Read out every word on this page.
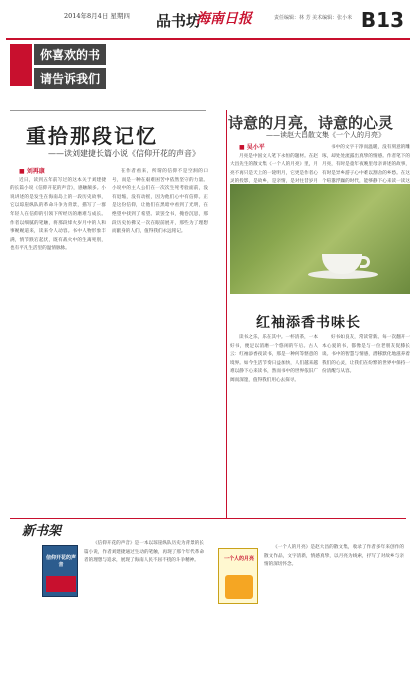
2014年8月4日 星期四 品书坊
海南日报	责任编辑：林 芳 美术编辑：张小米 B13
你喜欢的书
请告诉我们
重拾那段记忆
——读刘建捷长篇小说《信仰开花的声音》

■ 刘再康

近日，读到五年前写过的这本关于刘建捷的长篇小说《信仰开花的声音》，感触颇多。小说讲述的是发生在海南岛上的一段历史故事，它以琼崖纵队的革命斗争为背景，描写了一群年轻人在信仰的引领下所经历的磨难与成长。作者以细腻的笔触，将那段烽火岁月中的人和事娓娓道来，读来令人动容。书中人物形象丰满，情节跌宕起伏，既有战火中的生离死别，也有平凡生活里的温情脉脉。

在作者看来，所谓的信仰不是空洞的口号，而是一种在艰难困苦中依然坚守的力量。小说中的主人公们在一次次生死考验面前，没有退缩，没有动摇，因为他们心中有信仰。正是这份信仰，让他们在黑暗中看到了光明，在绝望中找到了希望。读罢全书，掩卷沉思，那段历史仿佛又一次在眼前展开，那些为了理想而献身的人们，值得我们永远铭记。

诗意的月亮，诗意的心灵
——读赵大昌散文集《一个人的月亮》

■ 吴小平

月亮是中国文人笔下永恒的题材。在赵大昌先生的散文集《一个人的月亮》里，月亮不再只是天上的一轮明月，它更是作者心灵的投影，是故乡，是亲情，是对往昔岁月

书中的文字干净而温暖，没有刻意的雕琢，却处处流露出真挚的情感。作者笔下的月亮，有时是童年夜晚里母亲讲述的故事，有时是异乡游子心中难以割舍的乡愁。在这个喧嚣浮躁的时代，能够静下心来读一读这

红袖添香书味长

读书之乐，乐在其中。一杯清茶，一本好书，便足以消磨一个悠闲的午后。古人云：红袖添香夜读书，那是一种何等惬意的境界。如今生活节奏日益加快，人们越来越难以静下心来读书，然而书中的世界依旧广阔而深邃，值得我们用心去探寻。

好书如良友，常读常新。每一次翻开一本心爱的书，都像是与一位老朋友促膝长谈。书中的智慧与情感，潜移默化地滋养着我们的心灵，让我们在纷繁的世界中保持一份清醒与从容。

新书架
信仰开花的声音

《信仰开花的声音》是一本以琼崖纵队历史为背景的长篇小说，作者刘建捷通过生动的笔触，再现了那个年代革命者的理想与追求，展现了海南人民不屈不挠的斗争精神。	一个人的月亮

《一个人的月亮》是赵大昌的散文集，收录了作者多年来创作的散文作品，文字清新，情感真挚，以月亮为线索，抒写了对故乡与亲情的深切怀念。
